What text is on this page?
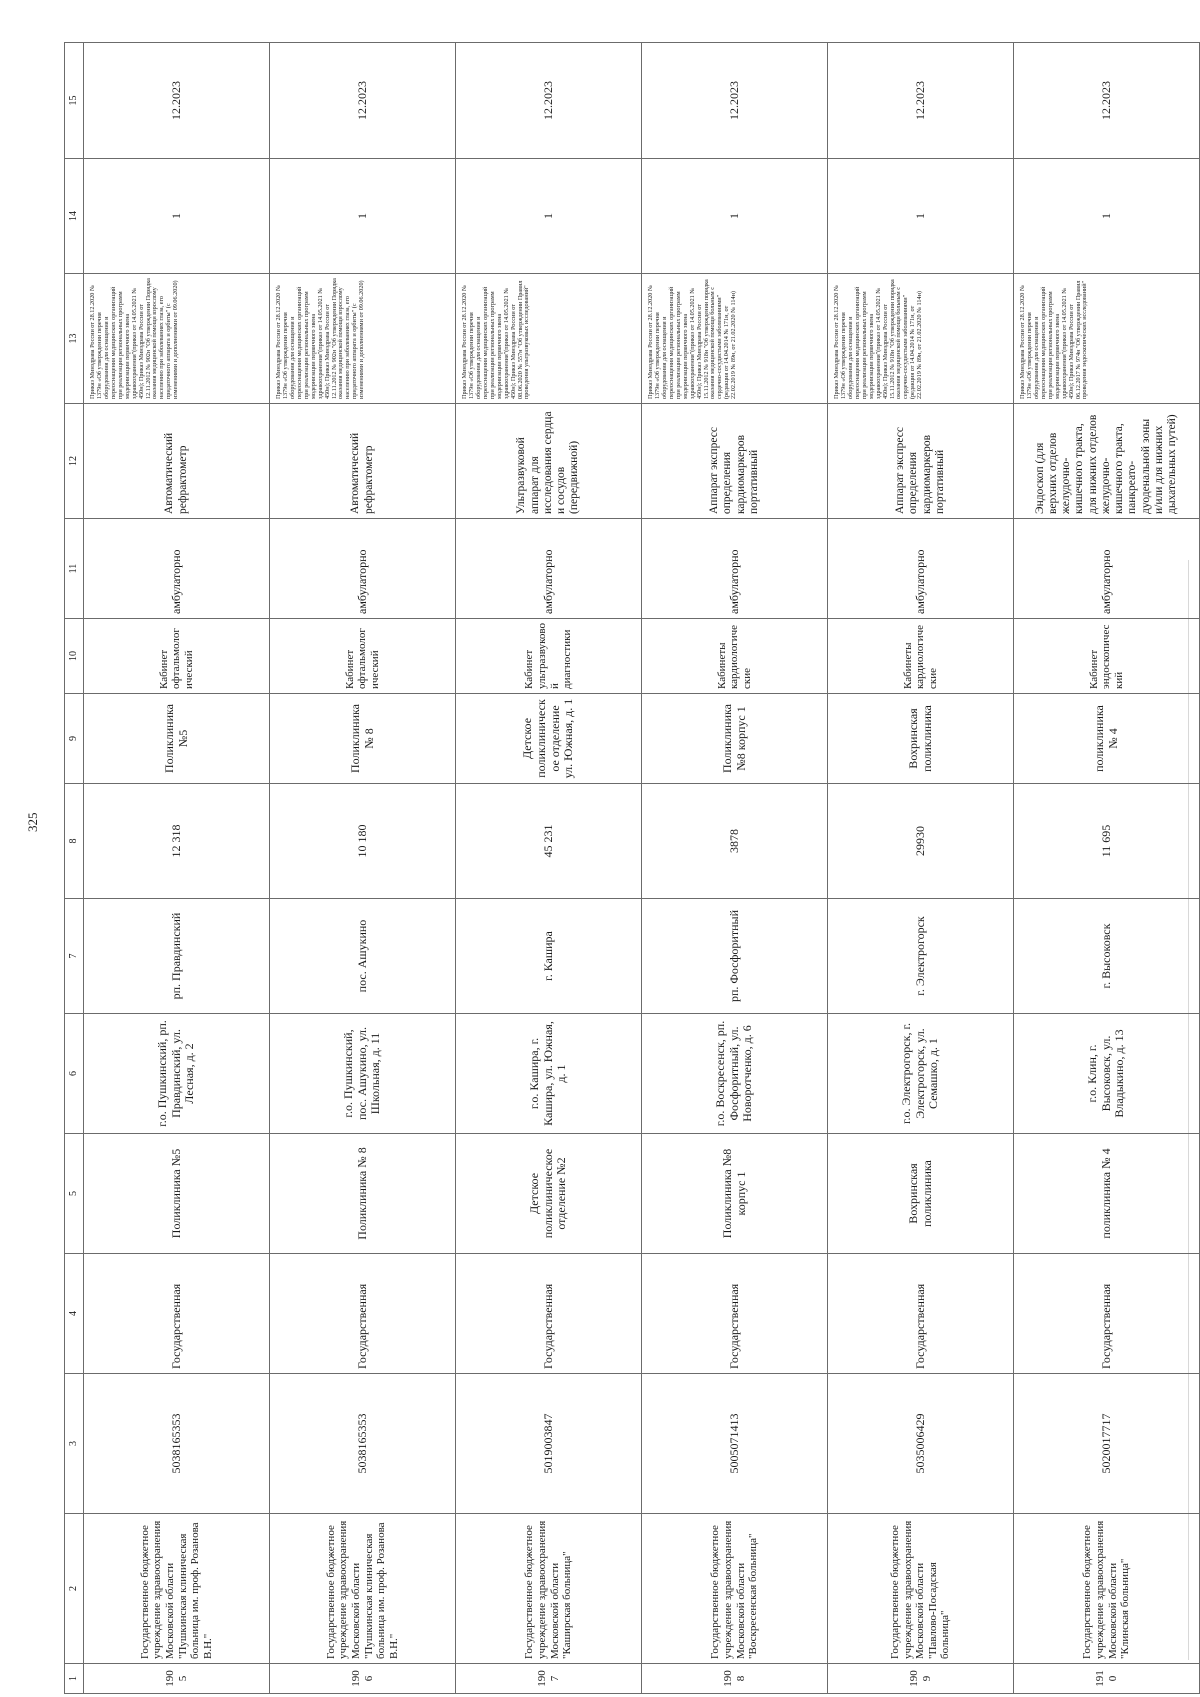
325
1	2	3	4	5	6	7	8	9	10	11	12	13	14	15
1905	Государственное бюджетное учреждение здравоохранения Московской области "Пушкинская клиническая больница им. проф. Розанова В.Н."	5038165353	Государственная	Поликлиника №5	г.о. Пушкинский, рп. Правдинский, ул. Лесная, д. 2	рп. Правдинский	12 318	Поликлиника №5	Кабинет офтальмологический	амбулаторно	Автоматический рефрактометр	Приказ Минздрава России от 28.12.2020 № 1379н «Об утверждении перечня оборудования для оснащения и переоснащения медицинских организаций при реализации региональных программ модернизации первичного звена здравоохранения"(приказ от 14.05.2021 № 450н); Приказ Минздрава России от 12.11.2012 № 902н "Об утверждении Порядка оказания медицинской помощи взрослому населению при заболеваниях глаза, его придаточного аппарата и орбиты" (с изменениями и дополнениями от 09.06.2020)	1	12.2023
1906	Государственное бюджетное учреждение здравоохранения Московской области "Пушкинская клиническая больница им. проф. Розанова В.Н."	5038165353	Государственная	Поликлиника № 8	г.о. Пушкинский, пос. Ашукино, ул. Школьная, д. 11	пос. Ашукино	10 180	Поликлиника № 8	Кабинет офтальмологический	амбулаторно	Автоматический рефрактометр	Приказ Минздрава России от 28.12.2020 № 1379н «Об утверждении перечня оборудования для оснащения и переоснащения медицинских организаций при реализации региональных программ модернизации первичного звена здравоохранения"(приказ от 14.05.2021 № 450н); Приказ Минздрава России от 12.11.2012 № 902н "Об утверждении Порядка оказания медицинской помощи взрослому населению при заболеваниях глаза, его придаточного аппарата и орбиты" (с изменениями и дополнениями от 09.06.2020)	1	12.2023
1907	Государственное бюджетное учреждение здравоохранения Московской области "Каширская больница"	5019003847	Государственная	Детское поликлиническое отделение №2	г.о. Кашира, г. Кашира, ул. Южная, д. 1	г. Кашира	45 231	Детское поликлиническое отделение ул. Южная, д. 1	Кабинет ультразвуковой диагностики	амбулаторно	Ультразвуковой аппарат для исследования сердца и сосудов (передвижной)	Приказ Минздрава России от 28.12.2020 № 1379н «Об утверждении перечня оборудования для оснащения и переоснащения медицинских организаций при реализации региональных программ модернизации первичного звена здравоохранения"(приказ от 14.05.2021 № 450н); Приказ Минздрава России от 08.06.2020 № 557н "Об утверждении Правил проведения ультразвуковых исследований"	1	12.2023
1908	Государственное бюджетное учреждение здравоохранения Московской области "Воскресенская больница"	5005071413	Государственная	Поликлиника №8 корпус 1	г.о. Воскресенск, рп. Фосфоритный, ул. Новоротченко, д. 6	рп. Фосфоритный	3878	Поликлиника №8 корпус 1	Кабинеты кардиологические	амбулаторно	Аппарат экспресс определения кардиомаркеров портативный	Приказ Минздрава России от 28.12.2020 № 1379н «Об утверждении перечня оборудования для оснащения и переоснащения медицинских организаций при реализации региональных программ модернизации первичного звена здравоохранения"(приказ от 14.05.2021 № 450н); Приказ Минздрава России от 15.11.2012 № 918н "Об утверждении порядка оказания медицинской помощи больным с сердечно-сосудистыми заболеваниями" (редакция от 14.04.2014 № 171н, от 22.02.2019 № 89н, от 21.02.2020 № 114н)	1	12.2023
1909	Государственное бюджетное учреждение здравоохранения Московской области "Павлово-Посадская больница"	5035006429	Государственная	Вохринская поликлиника	г.о. Электрогорск, г. Электрогорск, ул. Семашко, д. 1	г. Электрогорск	29930	Вохринская поликлиника	Кабинеты кардиологические	амбулаторно	Аппарат экспресс определения кардиомаркеров портативный	Приказ Минздрава России от 28.12.2020 № 1379н «Об утверждении перечня оборудования для оснащения и переоснащения медицинских организаций при реализации региональных программ модернизации первичного звена здравоохранения"(приказ от 14.05.2021 № 450н); Приказ Минздрава России от 15.11.2012 № 918н "Об утверждении порядка оказания медицинской помощи больным с сердечно-сосудистыми заболеваниями" (редакция от 14.04.2014 № 171н, от 22.02.2019 № 89н, от 21.02.2020 № 114н)	1	12.2023
1910	Государственное бюджетное учреждение здравоохранения Московской области "Клинская больница"	5020017717	Государственная	поликлиника № 4	г.о. Клин, г. Высоковск, ул. Владыкино, д. 13	г. Высоковск	11 695	поликлиника № 4	Кабинет эндоскопический	амбулаторно	Эндоскоп (для верхних отделов желудочно-кишечного тракта, для нижних отделов желудочно-кишечного тракта, панкреато-дуоденальной зоны и/или для нижних дыхательных путей)	Приказ Минздрава России от 28.12.2020 № 1379н «Об утверждении перечня оборудования для оснащения и переоснащения медицинских организаций при реализации региональных программ модернизации первичного звена здравоохранения"(приказ от 14.05.2021 № 450н); Приказ Минздрава России от 06.12.2017 № 974н "Об утверждении Правил проведения эндоскопических исследований"	1	12.2023
